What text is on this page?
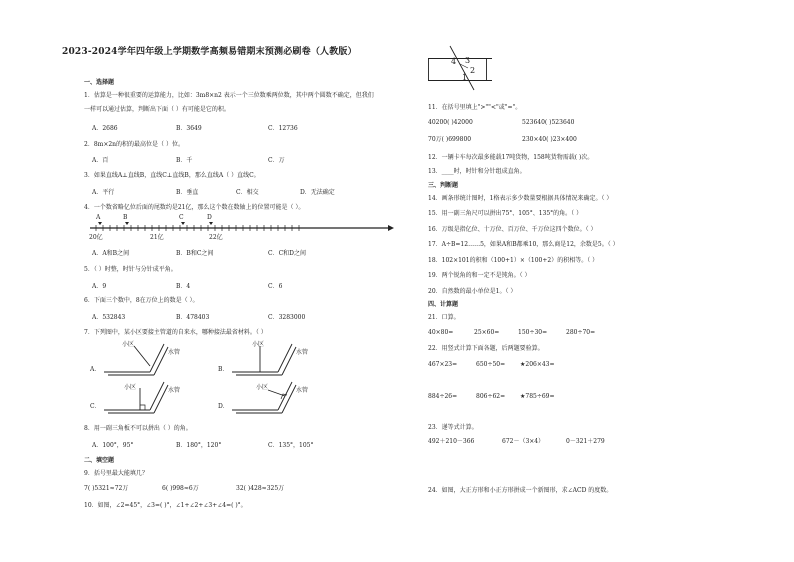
2023-2024学年四年级上学期数学高频易错期末预测必刷卷（人教版）
一、选择题
1．估算是一种很重要的运算能力，比如：3m8×n2 表示一个三位数乘两位数，其中两个圆数不确定，但我们
一样可以通过估算，判断出下面（ ）有可能是它的积。
A．2686	B．3649	C．12736
2．8m×2n的积的最高位是（ ）位。
A．百	B．千	C．万
3．如果直线A⊥直线B，直线C⊥直线B，那么直线A（ ）直线C。
A．平行	B．垂直	C．相交	D．无法确定
4．一个数省略亿位后面的尾数约是21亿，那么这个数在数轴上的位置可能是（ ）。
A	B	C	D
20亿	21亿	22亿
A．A和B之间	B．B和C之间	C．C和D之间
5．（ ）时整，时针与分针成平角。
A．9	B．4	C．6
6．下面三个数中，8在万位上的数是（ ）。
A．532843	B．478403	C．3283000
7．下列图中，某小区要接主管道的自来水，哪种接法最省材料。（ ）
A．
C．
B．
D．
小区
水管
小区
水管
小区	水管	小区	水管
8．用一副三角板不可以拼出（ ）的角。
A．100°，95°	B．180°，120°	C．135°，105°
二、填空题
9．括号里最大能填几？
7( )5321≈72万	6( )998≈6万	32( )428≈325万
10．如图，∠2=45°，∠3=( )°，∠1+∠2+∠3+∠4=( )°。
4 3
2
1
11．在括号里填上">""<"或"="。
40200( )42000	523640( )523640
70万( )699800	230×40( )23×400
12．一辆卡车每次最多能载17吨货物，158吨货物需载( )次。
13．____时，时针和分针组成直角。
三、判断题
14．画条形统计图时，1格表示多少数量要根据具体情况来确定。（ ）
15．用一副三角尺可以拼出75°、105°、135°的角。（ ）
16．万级是指亿位、十万位、百万位、千万位这四个数位。（ ）
17．A÷B=12……5，如果A和B都乘10，那么商是12，余数是5。（ ）
18．102×101的积和（100+1）×（100+2）的积相等。（ ）
19．两个锐角的和一定不是钝角。（ ）
20．自然数的最小单位是1。（ ）
四、计算题
21．口算。
40×80=	25×60=	150÷30=	280÷70=
22．用竖式计算下面各题，后两题要验算。
467×23=	650÷50= ★206×43=
884÷26=	806÷62= ★785÷69=
23．递等式计算。
492＋210－366	672－（3×4）	0－321＋279
24．如图，大正方形和小正方形拼成一个新图形，求∠ACD 的度数。
